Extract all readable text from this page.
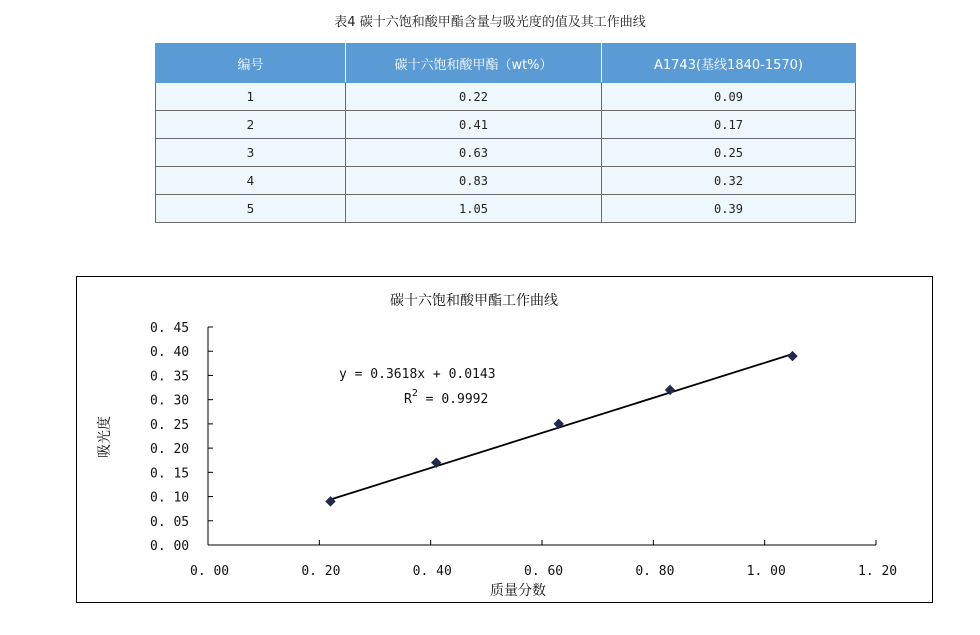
表4 碳十六饱和酸甲酯含量与吸光度的值及其工作曲线
编号	碳十六饱和酸甲酯（wt%）	A1743(基线1840-1570)
1	0.22	0.09
2	0.41	0.17
3	0.63	0.25
4	0.83	0.32
5	1.05	0.39
碳十六饱和酸甲酯工作曲线
0. 00	0. 20	0. 40	0. 60	0. 80	1. 00	1. 20
0. 00
0. 05
0. 10
0. 15
0. 20
0. 25
0. 30
0. 35
0. 40
0. 45
y = 0.3618x + 0.0143
$R^2 = 0.9992$
质量分数
吸光度
